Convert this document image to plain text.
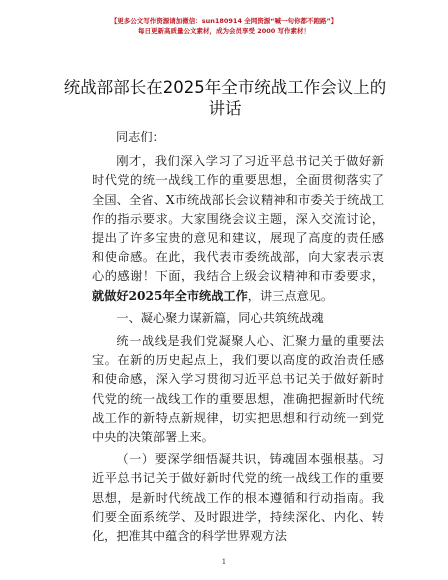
【更多公文写作资源请加微信：sun180914 全网资源“喊一句你都不跑路”】
每日更新高质量公文素材，成为会员享受 2000 写作素材！
统战部部长在2025年全市统战工作会议上的讲话

同志们：

刚才，我们深入学习了习近平总书记关于做好新时代党的统一战线工作的重要思想，全面贯彻落实了全国、全省、X市统战部长会议精神和市委关于统战工作的指示要求。大家围绕会议主题，深入交流讨论，提出了许多宝贵的意见和建议，展现了高度的责任感和使命感。在此，我代表市委统战部，向大家表示衷心的感谢！下面，我结合上级会议精神和市委要求，就做好2025年全市统战工作，讲三点意见。

一、凝心聚力谋新篇，同心共筑统战魂

统一战线是我们党凝聚人心、汇聚力量的重要法宝。在新的历史起点上，我们要以高度的政治责任感和使命感，深入学习贯彻习近平总书记关于做好新时代党的统一战线工作的重要思想，准确把握新时代统战工作的新特点新规律，切实把思想和行动统一到党中央的决策部署上来。

（一）要深学细悟凝共识，铸魂固本强根基。习近平总书记关于做好新时代党的统一战线工作的重要思想，是新时代统战工作的根本遵循和行动指南。我们要全面系统学、及时跟进学，持续深化、内化、转化，把准其中蕴含的科学世界观方法

1
